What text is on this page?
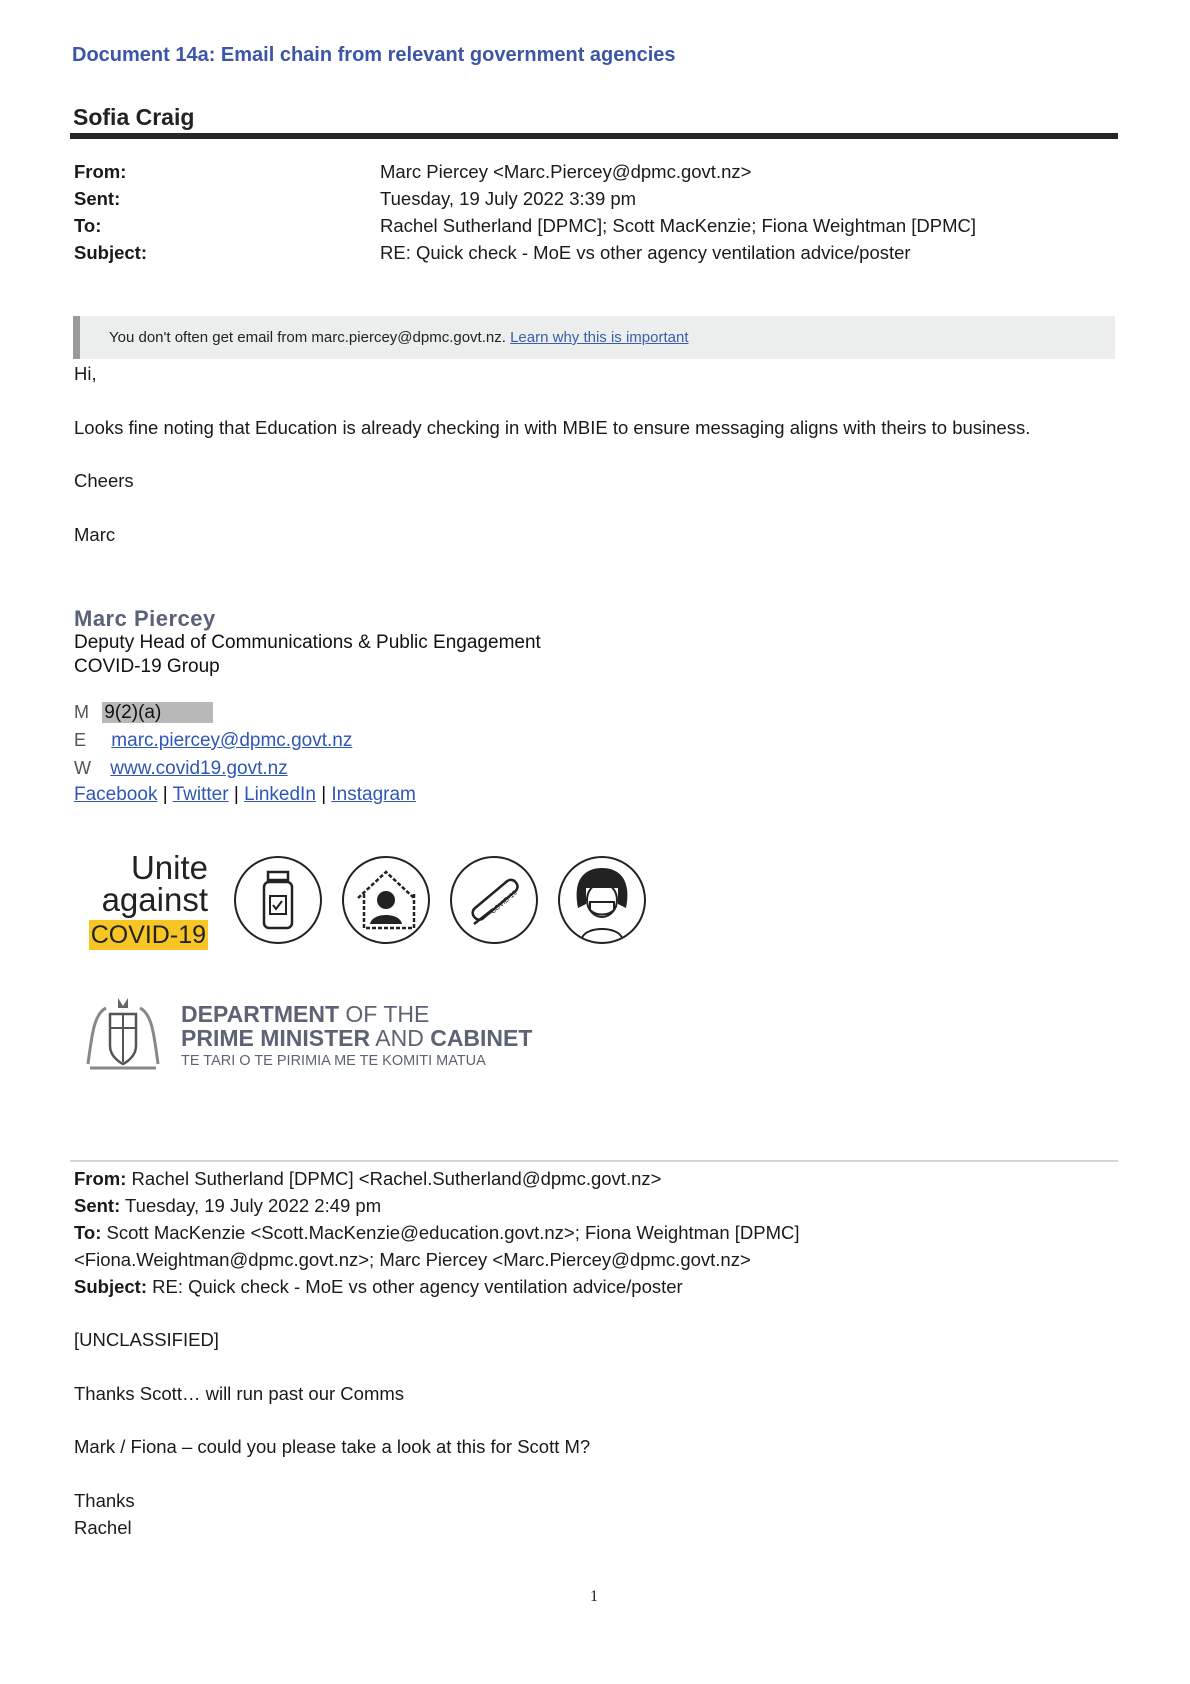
Document 14a: Email chain from relevant government agencies
Sofia Craig
From:	Marc Piercey <Marc.Piercey@dpmc.govt.nz>
Sent:	Tuesday, 19 July 2022 3:39 pm
To:	Rachel Sutherland [DPMC]; Scott MacKenzie; Fiona Weightman [DPMC]
Subject:	RE: Quick check - MoE vs other agency ventilation advice/poster
You don't often get email from marc.piercey@dpmc.govt.nz. Learn why this is important
Hi,
Looks fine noting that Education is already checking in with MBIE to ensure messaging aligns with theirs to business.
Cheers
Marc
Marc Piercey
Deputy Head of Communications & Public Engagement
COVID-19 Group
M 9(2)(a)
E marc.piercey@dpmc.govt.nz
W www.covid19.govt.nz
Facebook | Twitter | LinkedIn | Instagram
Unite
against
COVID-19
COVID-19
DEPARTMENT OF THE
PRIME MINISTER AND CABINET
TE TARI O TE PIRIMIA ME TE KOMITI MATUA
From: Rachel Sutherland [DPMC] <Rachel.Sutherland@dpmc.govt.nz>
Sent: Tuesday, 19 July 2022 2:49 pm
To: Scott MacKenzie <Scott.MacKenzie@education.govt.nz>; Fiona Weightman [DPMC]
<Fiona.Weightman@dpmc.govt.nz>; Marc Piercey <Marc.Piercey@dpmc.govt.nz>
Subject: RE: Quick check - MoE vs other agency ventilation advice/poster
[UNCLASSIFIED]
Thanks Scott… will run past our Comms
Mark / Fiona – could you please take a look at this for Scott M?
Thanks
Rachel
1
